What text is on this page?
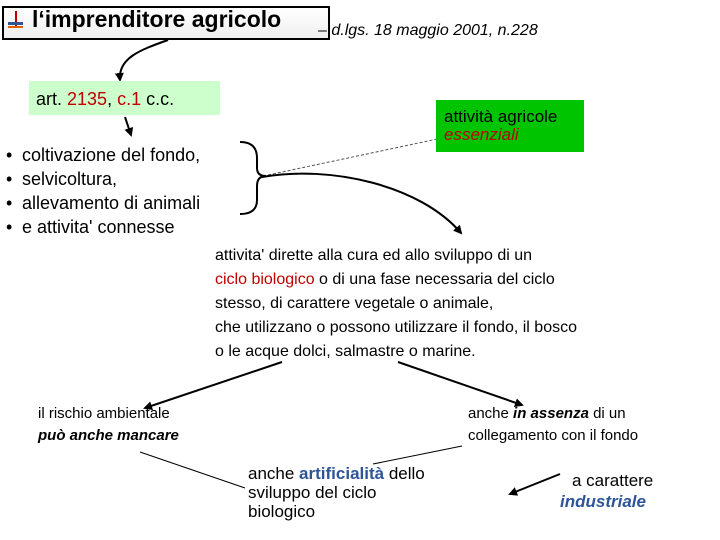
l‘imprenditore agricolo – d.lgs. 18 maggio 2001, n.228
art. 2135, c.1 c.c.
attività agricole
essenziali
• coltivazione del fondo,
• selvicoltura,
• allevamento di animali
• e attivita' connesse
attivita' dirette alla cura ed allo sviluppo di un
ciclo biologico o di una fase necessaria del ciclo
stesso, di carattere vegetale o animale,
che utilizzano o possono utilizzare il fondo, il bosco
o le acque dolci, salmastre o marine.
il rischio ambientale
può anche mancare
anche in assenza di un
collegamento con il fondo
anche artificialità dello
sviluppo del ciclo
biologico
a carattere
industriale
